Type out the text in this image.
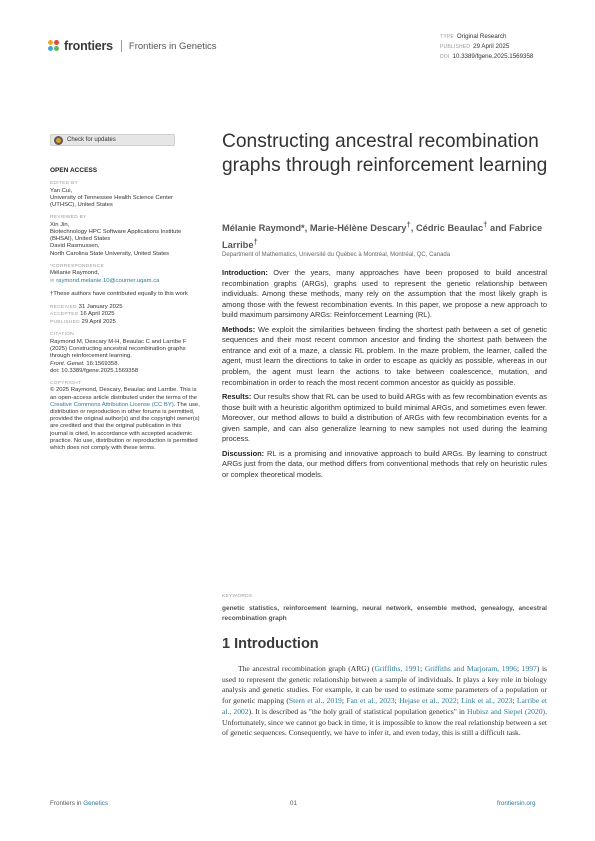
frontiers Frontiers in Genetics
TYPE Original Research
PUBLISHED 29 April 2025
DOI 10.3389/fgene.2025.1569358
Check for updates
OPEN ACCESS
EDITED BY
Yan Cui,
University of Tennessee Health Science Center (UTHSC), United States
REVIEWED BY
Xin Jin,
Biotechnology HPC Software Applications Institute (BHSAI), United States
David Rasmussen,
North Carolina State University, United States
*CORRESPONDENCE
Mélanie Raymond,
✉ raymond.melanie.10@courrier.uqam.ca
†These authors have contributed equally to this work
RECEIVED 31 January 2025
ACCEPTED 16 April 2025
PUBLISHED 29 April 2025
CITATION
Raymond M, Descary M-H, Beaulac C and Larribe F (2025) Constructing ancestral recombination graphs through reinforcement learning.
Front. Genet. 16:1569358.
doi: 10.3389/fgene.2025.1569358
COPYRIGHT
© 2025 Raymond, Descary, Beaulac and Larribe. This is an open-access article distributed under the terms of the Creative Commons Attribution License (CC BY). The use, distribution or reproduction in other forums is permitted, provided the original author(s) and the copyright owner(s) are credited and that the original publication in this journal is cited, in accordance with accepted academic practice. No use, distribution or reproduction is permitted which does not comply with these terms.
Constructing ancestral recombination graphs through reinforcement learning
Mélanie Raymond*, Marie-Hélène Descary†, Cédric Beaulac† and Fabrice Larribe†
Department of Mathematics, Université du Québec à Montréal, Montréal, QC, Canada

Introduction: Over the years, many approaches have been proposed to build ancestral recombination graphs (ARGs), graphs used to represent the genetic relationship between individuals. Among these methods, many rely on the assumption that the most likely graph is among those with the fewest recombination events. In this paper, we propose a new approach to build maximum parsimony ARGs: Reinforcement Learning (RL).

Methods: We exploit the similarities between finding the shortest path between a set of genetic sequences and their most recent common ancestor and finding the shortest path between the entrance and exit of a maze, a classic RL problem. In the maze problem, the learner, called the agent, must learn the directions to take in order to escape as quickly as possible, whereas in our problem, the agent must learn the actions to take between coalescence, mutation, and recombination in order to reach the most recent common ancestor as quickly as possible.

Results: Our results show that RL can be used to build ARGs with as few recombination events as those built with a heuristic algorithm optimized to build minimal ARGs, and sometimes even fewer. Moreover, our method allows to build a distribution of ARGs with few recombination events for a given sample, and can also generalize learning to new samples not used during the learning process.

Discussion: RL is a promising and innovative approach to build ARGs. By learning to construct ARGs just from the data, our method differs from conventional methods that rely on heuristic rules or complex theoretical models.

KEYWORDS
genetic statistics, reinforcement learning, neural network, ensemble method, genealogy, ancestral recombination graph
1 Introduction

The ancestral recombination graph (ARG) (Griffiths, 1991; Griffiths and Marjoram, 1996; 1997) is used to represent the genetic relationship between a sample of individuals. It plays a key role in biology analysis and genetic studies. For example, it can be used to estimate some parameters of a population or for genetic mapping (Stern et al., 2019; Fan et al., 2023; Hejase et al., 2022; Link et al., 2023; Larribe et al., 2002). It is described as "the holy grail of statistical population genetics" in Hubisz and Siepel (2020). Unfortunately, since we cannot go back in time, it is impossible to know the real relationship between a set of genetic sequences. Consequently, we have to infer it, and even today, this is still a difficult task.

Frontiers in Genetics	01	frontiersin.org
